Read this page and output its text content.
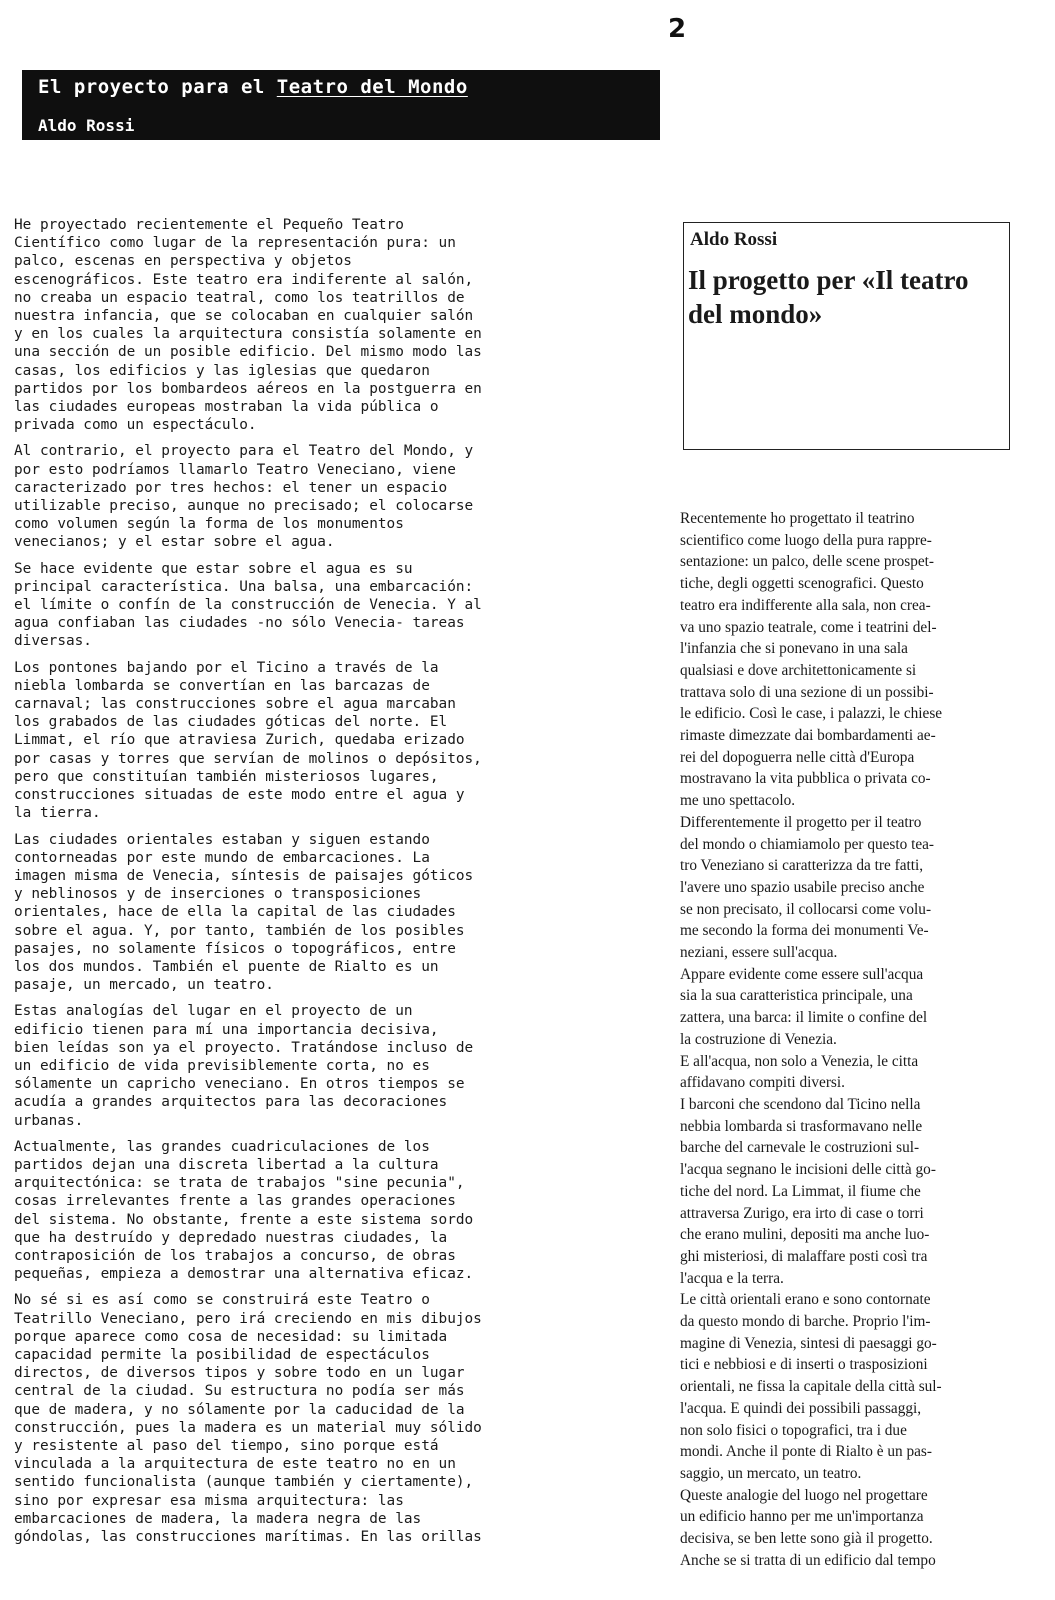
2
El proyecto para el Teatro del Mondo
Aldo Rossi

He proyectado recientemente el Pequeño Teatro
Científico como lugar de la representación pura: un
palco, escenas en perspectiva y objetos
escenográficos. Este teatro era indiferente al salón,
no creaba un espacio teatral, como los teatrillos de
nuestra infancia, que se colocaban en cualquier salón
y en los cuales la arquitectura consistía solamente en
una sección de un posible edificio. Del mismo modo las
casas, los edificios y las iglesias que quedaron
partidos por los bombardeos aéreos en la postguerra en
las ciudades europeas mostraban la vida pública o
privada como un espectáculo.

Al contrario, el proyecto para el Teatro del Mondo, y
por esto podríamos llamarlo Teatro Veneciano, viene
caracterizado por tres hechos: el tener un espacio
utilizable preciso, aunque no precisado; el colocarse
como volumen según la forma de los monumentos
venecianos; y el estar sobre el agua.

Se hace evidente que estar sobre el agua es su
principal característica. Una balsa, una embarcación:
el límite o confín de la construcción de Venecia. Y al
agua confiaban las ciudades -no sólo Venecia- tareas
diversas.

Los pontones bajando por el Ticino a través de la
niebla lombarda se convertían en las barcazas de
carnaval; las construcciones sobre el agua marcaban
los grabados de las ciudades góticas del norte. El
Limmat, el río que atraviesa Zurich, quedaba erizado
por casas y torres que servían de molinos o depósitos,
pero que constituían también misteriosos lugares,
construcciones situadas de este modo entre el agua y
la tierra.

Las ciudades orientales estaban y siguen estando
contorneadas por este mundo de embarcaciones. La
imagen misma de Venecia, síntesis de paisajes góticos
y neblinosos y de inserciones o transposiciones
orientales, hace de ella la capital de las ciudades
sobre el agua. Y, por tanto, también de los posibles
pasajes, no solamente físicos o topográficos, entre
los dos mundos. También el puente de Rialto es un
pasaje, un mercado, un teatro.

Estas analogías del lugar en el proyecto de un
edificio tienen para mí una importancia decisiva,
bien leídas son ya el proyecto. Tratándose incluso de
un edificio de vida previsiblemente corta, no es
sólamente un capricho veneciano. En otros tiempos se
acudía a grandes arquitectos para las decoraciones
urbanas.

Actualmente, las grandes cuadriculaciones de los
partidos dejan una discreta libertad a la cultura
arquitectónica: se trata de trabajos "sine pecunia",
cosas irrelevantes frente a las grandes operaciones
del sistema. No obstante, frente a este sistema sordo
que ha destruído y depredado nuestras ciudades, la
contraposición de los trabajos a concurso, de obras
pequeñas, empieza a demostrar una alternativa eficaz.

No sé si es así como se construirá este Teatro o
Teatrillo Veneciano, pero irá creciendo en mis dibujos
porque aparece como cosa de necesidad: su limitada
capacidad permite la posibilidad de espectáculos
directos, de diversos tipos y sobre todo en un lugar
central de la ciudad. Su estructura no podía ser más
que de madera, y no sólamente por la caducidad de la
construcción, pues la madera es un material muy sólido
y resistente al paso del tiempo, sino porque está
vinculada a la arquitectura de este teatro no en un
sentido funcionalista (aunque también y ciertamente),
sino por expresar esa misma arquitectura: las
embarcaciones de madera, la madera negra de las
góndolas, las construcciones marítimas. En las orillas

Aldo Rossi
Il progetto per «Il teatro
del mondo»

Recentemente ho progettato il teatrino
scientifico come luogo della pura rappre-
sentazione: un palco, delle scene prospet-
tiche, degli oggetti scenografici. Questo
teatro era indifferente alla sala, non crea-
va uno spazio teatrale, come i teatrini del-
l'infanzia che si ponevano in una sala
qualsiasi e dove architettonicamente si
trattava solo di una sezione di un possibi-
le edificio. Così le case, i palazzi, le chiese
rimaste dimezzate dai bombardamenti ae-
rei del dopoguerra nelle città d'Europa
mostravano la vita pubblica o privata co-
me uno spettacolo.

Differentemente il progetto per il teatro
del mondo o chiamiamolo per questo tea-
tro Veneziano si caratterizza da tre fatti,
l'avere uno spazio usabile preciso anche
se non precisato, il collocarsi come volu-
me secondo la forma dei monumenti Ve-
neziani, essere sull'acqua.

Appare evidente come essere sull'acqua
sia la sua caratteristica principale, una
zattera, una barca: il limite o confine del
la costruzione di Venezia.

E all'acqua, non solo a Venezia, le citta
affidavano compiti diversi.

I barconi che scendono dal Ticino nella
nebbia lombarda si trasformavano nelle
barche del carnevale le costruzioni sul-
l'acqua segnano le incisioni delle città go-
tiche del nord. La Limmat, il fiume che
attraversa Zurigo, era irto di case o torri
che erano mulini, depositi ma anche luo-
ghi misteriosi, di malaffare posti così tra
l'acqua e la terra.

Le città orientali erano e sono contornate
da questo mondo di barche. Proprio l'im-
magine di Venezia, sintesi di paesaggi go-
tici e nebbiosi e di inserti o trasposizioni
orientali, ne fissa la capitale della città sul-
l'acqua. E quindi dei possibili passaggi,
non solo fisici o topografici, tra i due
mondi. Anche il ponte di Rialto è un pas-
saggio, un mercato, un teatro.

Queste analogie del luogo nel progettare
un edificio hanno per me un'importanza
decisiva, se ben lette sono già il progetto.
Anche se si tratta di un edificio dal tempo
